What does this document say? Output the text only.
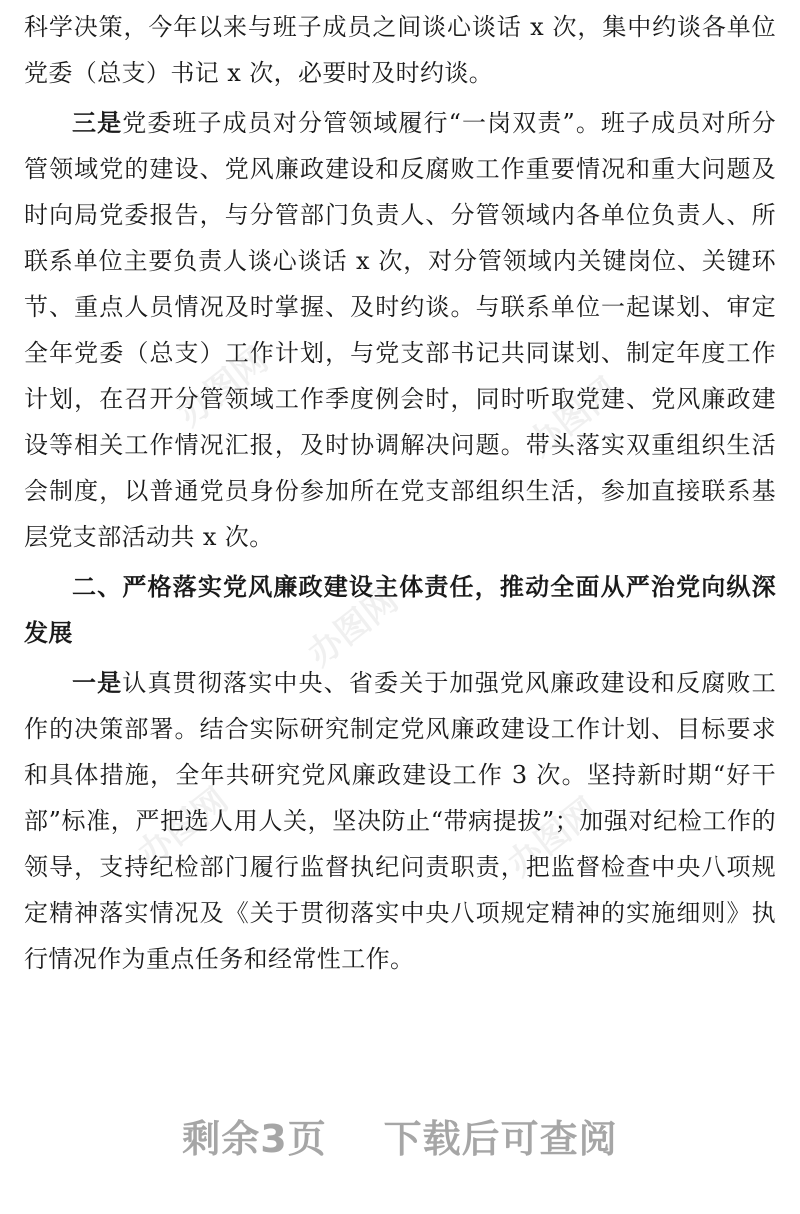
办图网	办图网
办图网
办图网	办图网

科学决策，今年以来与班子成员之间谈心谈话 x 次，集中约谈各单位党委（总支）书记 x 次，必要时及时约谈。

三是党委班子成员对分管领域履行“一岗双责”。班子成员对所分管领域党的建设、党风廉政建设和反腐败工作重要情况和重大问题及时向局党委报告，与分管部门负责人、分管领域内各单位负责人、所联系单位主要负责人谈心谈话 x 次，对分管领域内关键岗位、关键环节、重点人员情况及时掌握、及时约谈。与联系单位一起谋划、审定全年党委（总支）工作计划，与党支部书记共同谋划、制定年度工作计划，在召开分管领域工作季度例会时，同时听取党建、党风廉政建设等相关工作情况汇报，及时协调解决问题。带头落实双重组织生活会制度，以普通党员身份参加所在党支部组织生活，参加直接联系基层党支部活动共 x 次。

二、严格落实党风廉政建设主体责任，推动全面从严治党向纵深发展

一是认真贯彻落实中央、省委关于加强党风廉政建设和反腐败工作的决策部署。结合实际研究制定党风廉政建设工作计划、目标要求和具体措施，全年共研究党风廉政建设工作 3 次。坚持新时期“好干部”标准，严把选人用人关，坚决防止“带病提拔”；加强对纪检工作的领导，支持纪检部门履行监督执纪问责职责，把监督检查中央八项规定精神落实情况及《关于贯彻落实中央八项规定精神的实施细则》执行情况作为重点任务和经常性工作。

剩余3页 下载后可查阅
